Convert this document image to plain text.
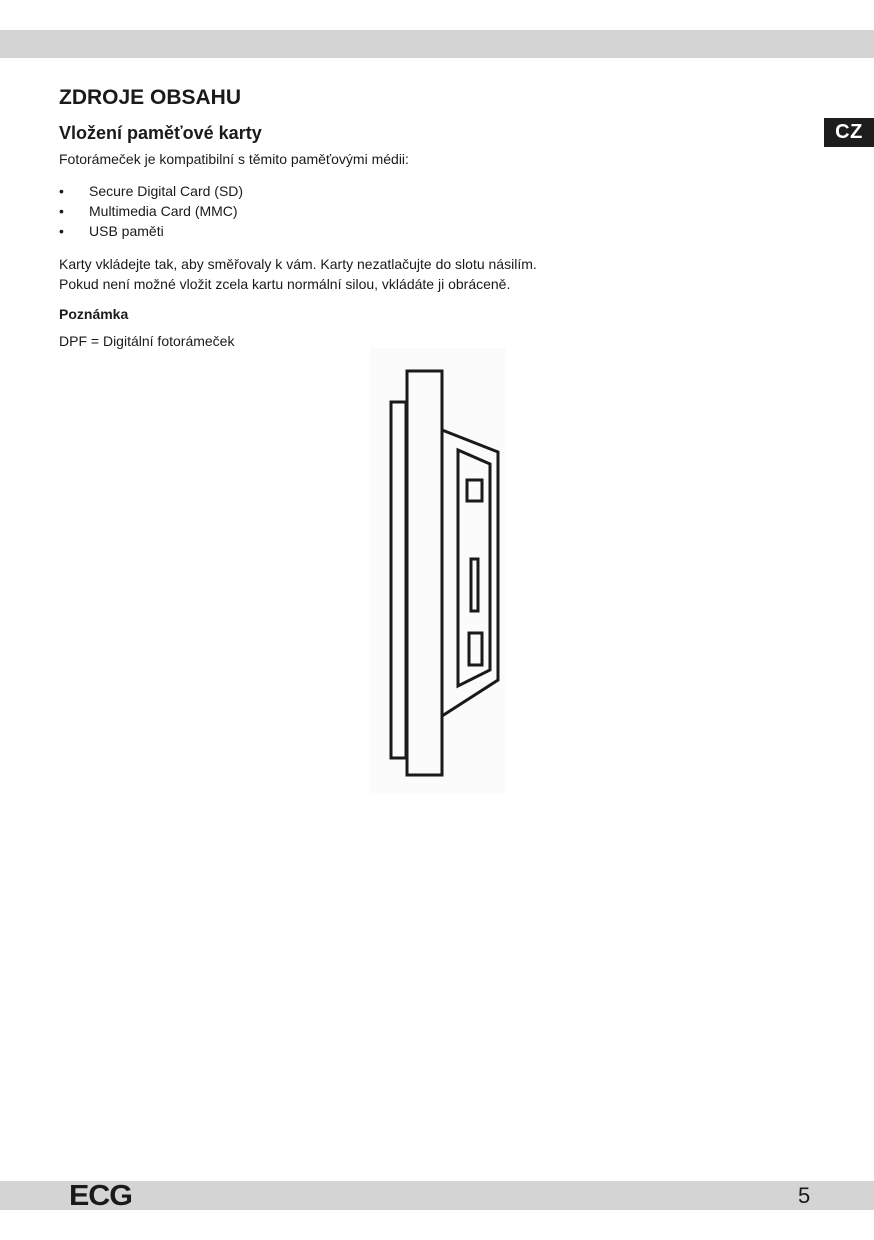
CZ
ZDROJE OBSAHU
Vložení paměťové karty

Fotorámeček je kompatibilní s těmito paměťovými médii:

•	Secure Digital Card (SD)
•	Multimedia Card (MMC)
•	USB paměti
Karty vkládejte tak, aby směřovaly k vám. Karty nezatlačujte do slotu násilím.
Pokud není možné vložit zcela kartu normální silou, vkládáte ji obráceně.

Poznámka

DPF = Digitální fotorámeček

ECG	5
